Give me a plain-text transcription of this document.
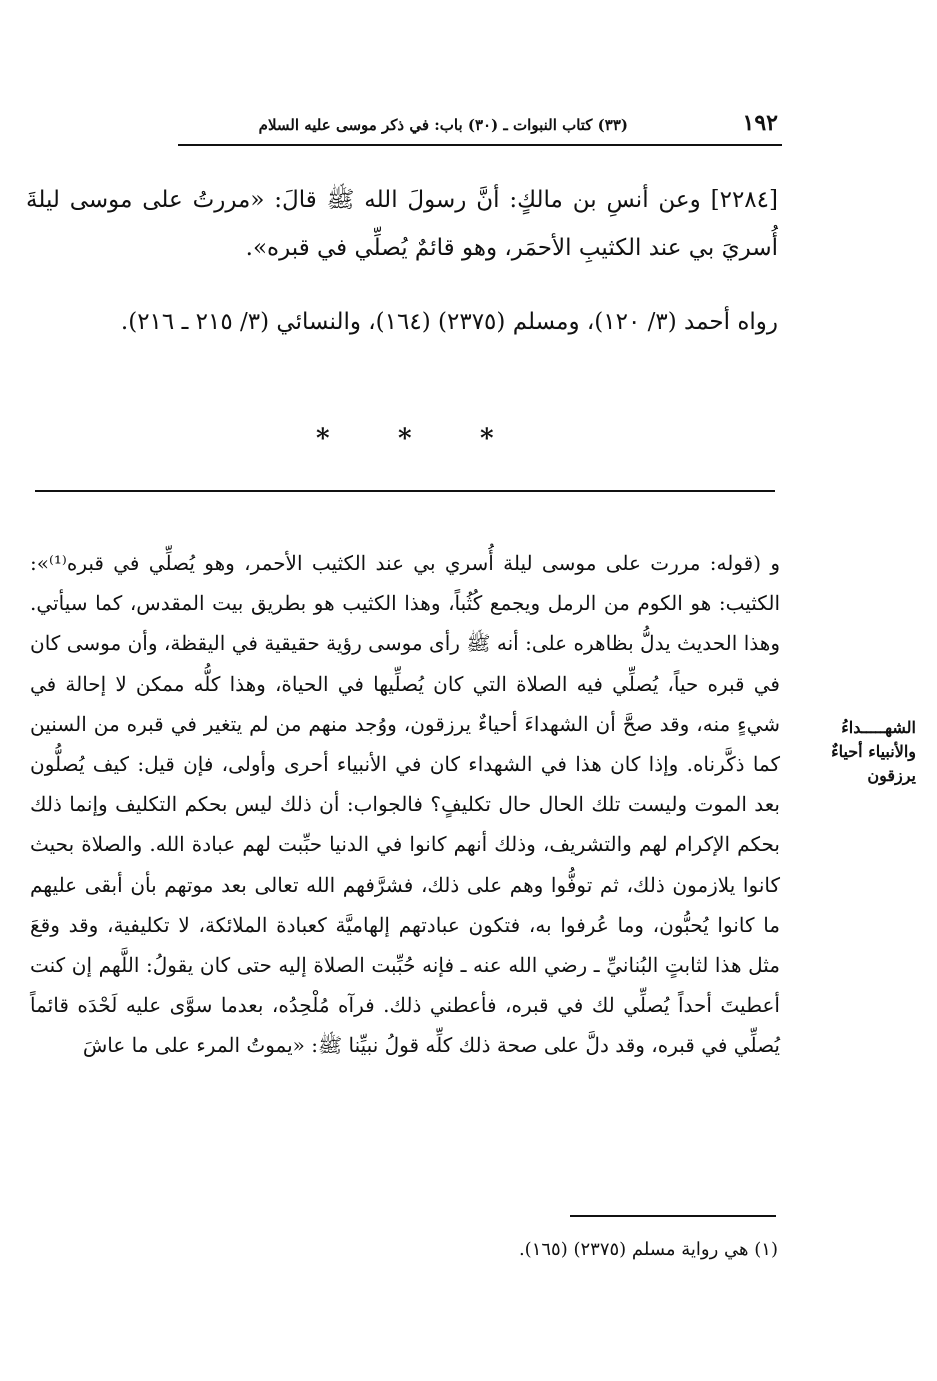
١٩٢
(٣٣) كتاب النبوات ـ (٣٠) باب: في ذكر موسى عليه السلام
[٢٢٨٤] وعن أنسِ بن مالكٍ: أنَّ رسولَ الله ﷺ قالَ: «مررتُ على موسى ليلةَ أُسريَ بي عند الكثيبِ الأحمَر، وهو قائمٌ يُصلِّي في قبره».
رواه أحمد (٣/ ١٢٠)، ومسلم (٢٣٧٥) (١٦٤)، والنسائي (٣/ ٢١٥ ـ ٢١٦).
*	*	*
و (قوله: مررت على موسى ليلة أُسري بي عند الكثيب الأحمر، وهو يُصلِّي في قبره⁽¹⁾»: الكثيب: هو الكوم من الرمل ويجمع كُثُباً، وهذا الكثيب هو بطريق بيت المقدس، كما سيأتي. وهذا الحديث يدلُّ بظاهره على: أنه ﷺ رأى موسى رؤية حقيقية في اليقظة، وأن موسى كان في قبره حياً، يُصلِّي فيه الصلاة التي كان يُصلِّيها في الحياة، وهذا كلُّه ممكن لا إحالة في شيءٍ منه، وقد صحَّ أن الشهداءَ أحياءٌ يرزقون، ووُجد منهم من لم يتغير في قبره من السنين كما ذكَّرناه. وإذا كان هذا في الشهداء كان في الأنبياء أحرى وأولى، فإن قيل: كيف يُصلُّون بعد الموت وليست تلك الحال حال تكليفٍ؟ فالجواب: أن ذلك ليس بحكم التكليف وإنما ذلك بحكم الإكرام لهم والتشريف، وذلك أنهم كانوا في الدنيا حبِّبت لهم عبادة الله. والصلاة بحيث كانوا يلازمون ذلك، ثم توفُّوا وهم على ذلك، فشرَّفهم الله تعالى بعد موتهم بأن أبقى عليهم ما كانوا يُحبُّون، وما عُرفوا به، فتكون عبادتهم إلهاميَّة كعبادة الملائكة، لا تكليفية، وقد وقعَ مثل هذا لثابتٍ البُنانيِّ ـ رضي الله عنه ـ فإنه حُبِّبت الصلاة إليه حتى كان يقولُ: اللَّهم إن كنت أعطيتَ أحداً يُصلِّي لك في قبره، فأعطني ذلك. فرآه مُلْحِدُه، بعدما سوَّى عليه لَحْدَه قائماً يُصلِّي في قبره، وقد دلَّ على صحة ذلك كلِّه قولُ نبيِّنا ﷺ: «يموتُ المرء على ما عاشَ
الشهـــــداءُ
والأنبياء أحياءٌ
يرزقون
(١) هي رواية مسلم (٢٣٧٥) (١٦٥).
